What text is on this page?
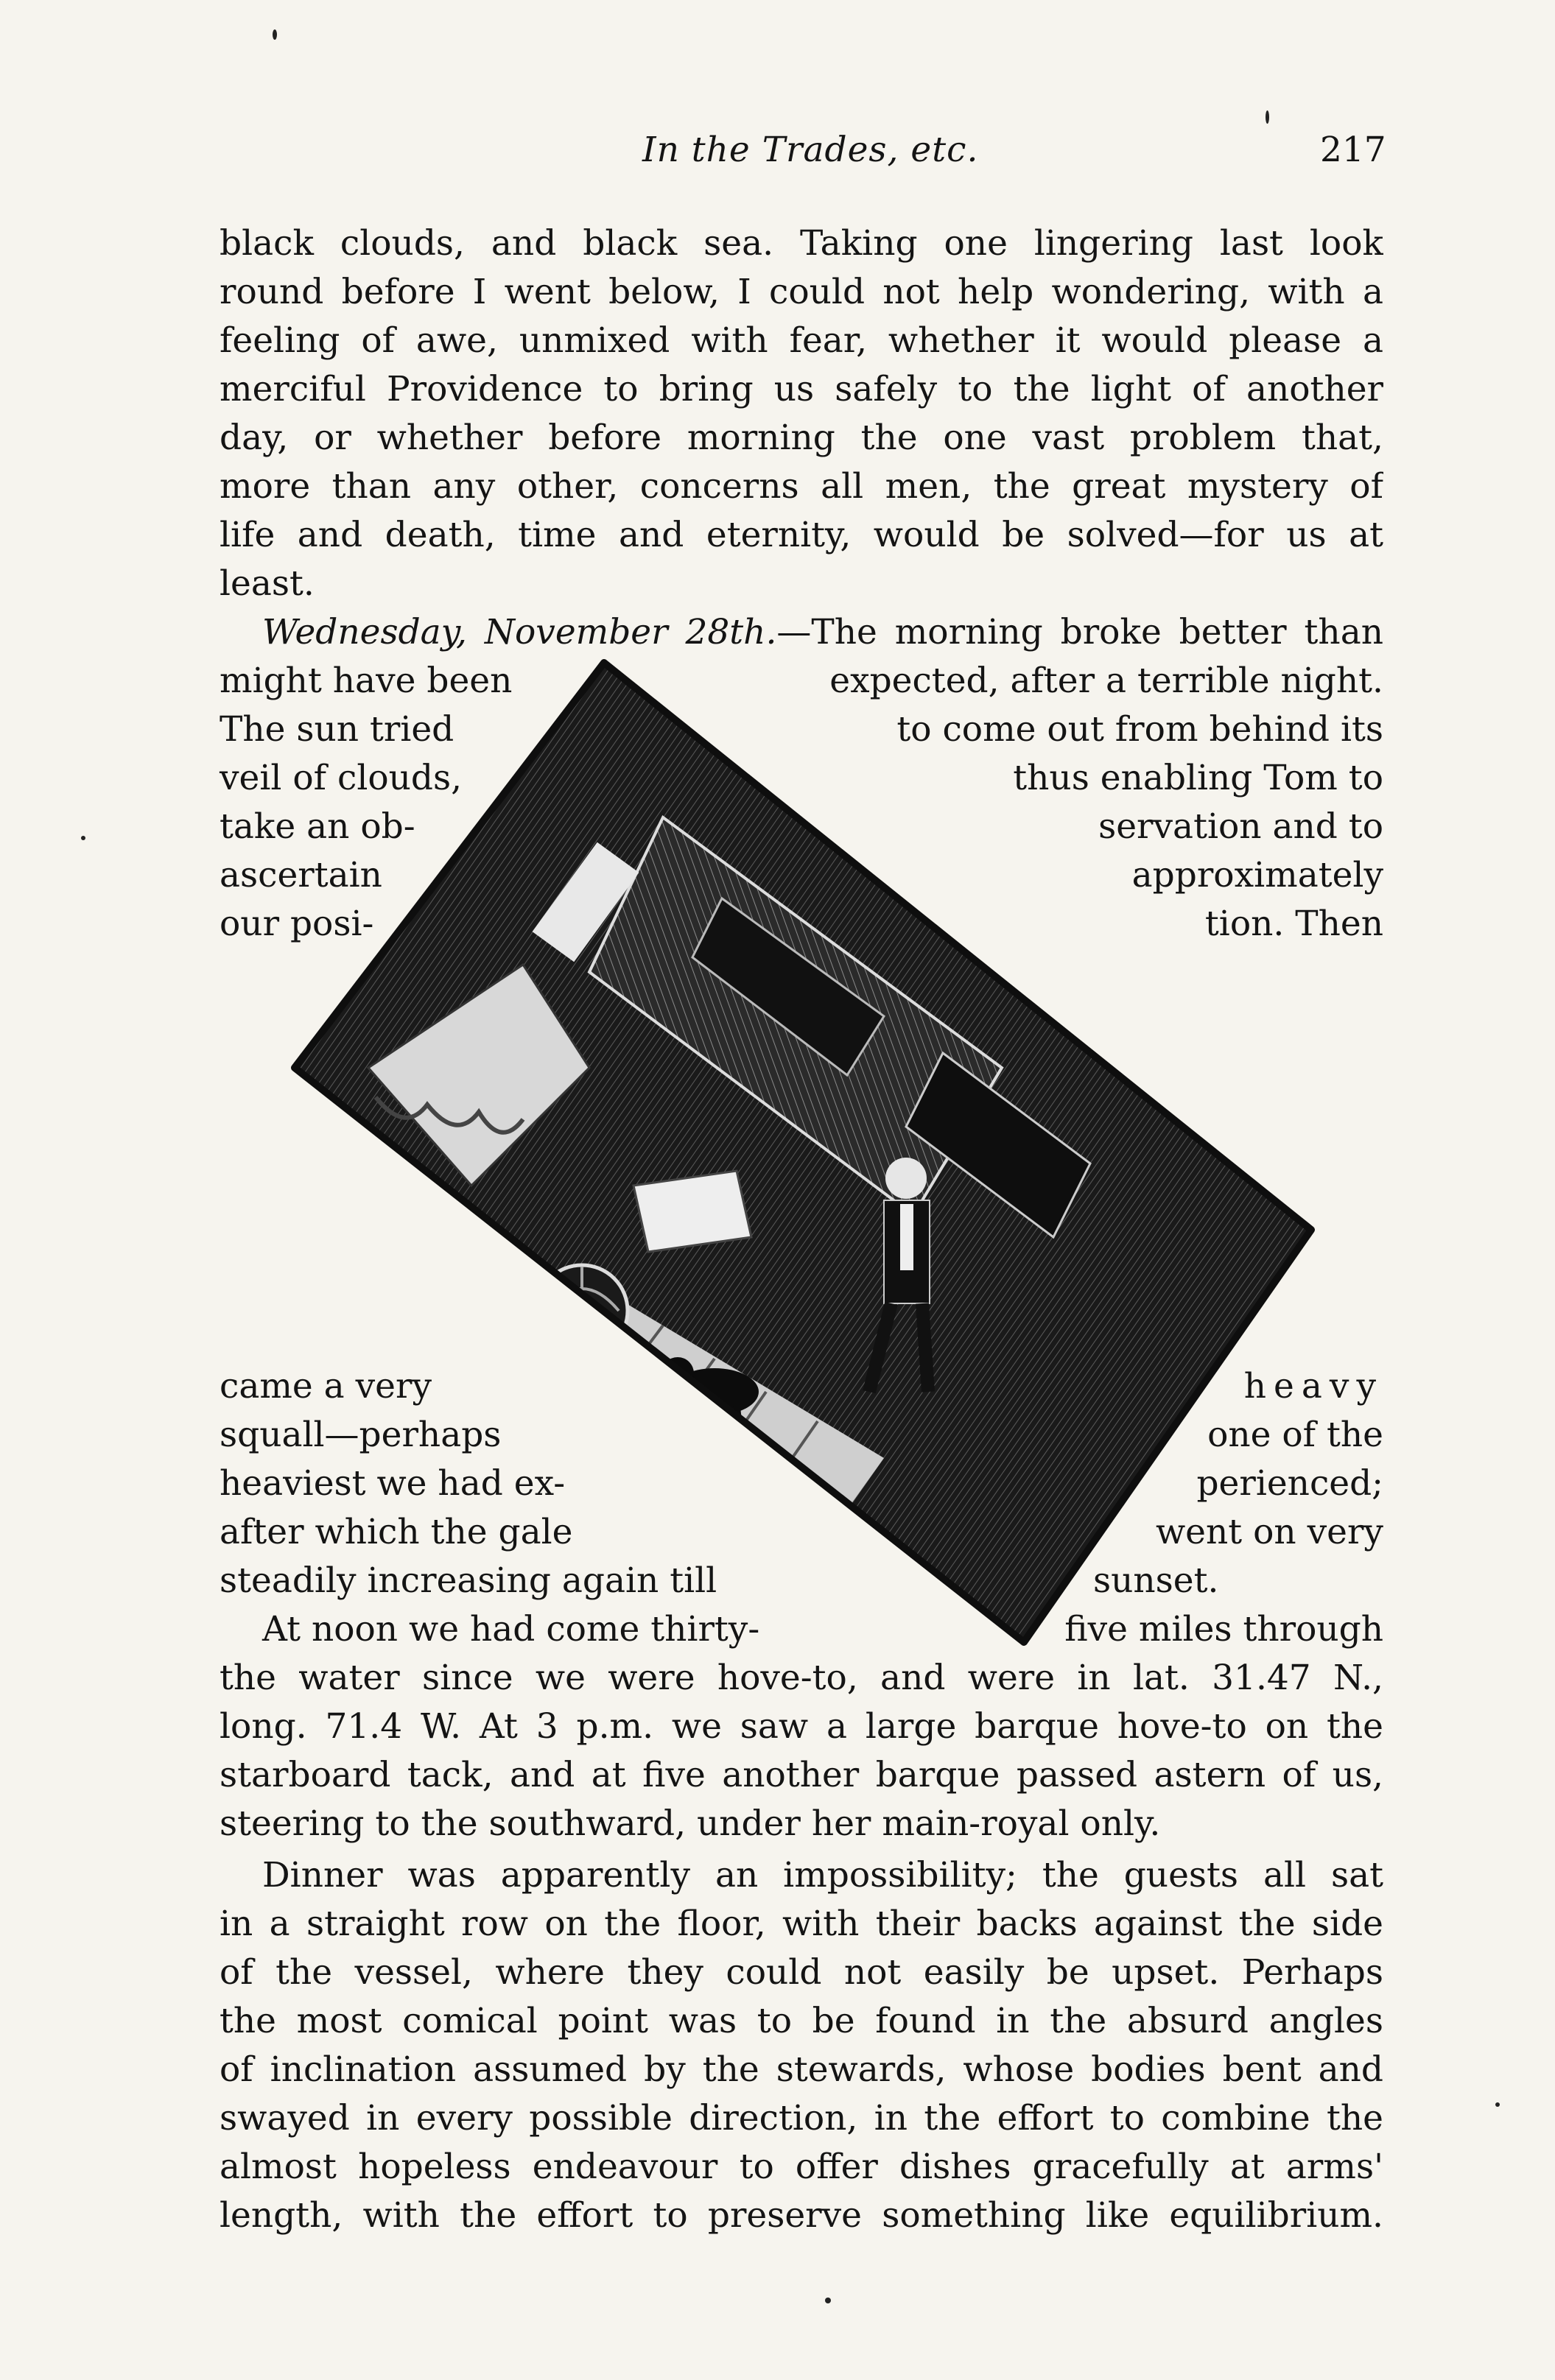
In the Trades, etc.	217
black clouds, and black sea. Taking one lingering last look
round before I went below, I could not help wondering, with a
feeling of awe, unmixed with fear, whether it would please a
merciful Providence to bring us safely to the light of another
day, or whether before morning the one vast problem that,
more than any other, concerns all men, the great mystery of
life and death, time and eternity, would be solved—for us at
least.
Wednesday, November 28th.—The morning broke better than
might have been
The sun tried
veil of clouds,
take an ob-
ascertain
our posi-
expected, after a terrible night.
to come out from behind its
thus enabling Tom to
servation and to
approximately
tion. Then
came a very
squall—perhaps
heaviest we had ex-
after which the gale
steadily increasing again till
heavy
one of the
perienced;
went on very
sunset.
At noon we had come thirty-	five miles through
the water since we were hove-to, and were in lat. 31.47 N.,
long. 71.4 W. At 3 p.m. we saw a large barque hove-to on the
starboard tack, and at five another barque passed astern of us,
steering to the southward, under her main-royal only.
Dinner was apparently an impossibility; the guests all sat
in a straight row on the floor, with their backs against the side
of the vessel, where they could not easily be upset. Perhaps
the most comical point was to be found in the absurd angles
of inclination assumed by the stewards, whose bodies bent and
swayed in every possible direction, in the effort to combine the
almost hopeless endeavour to offer dishes gracefully at arms'
length, with the effort to preserve something like equilibrium.
